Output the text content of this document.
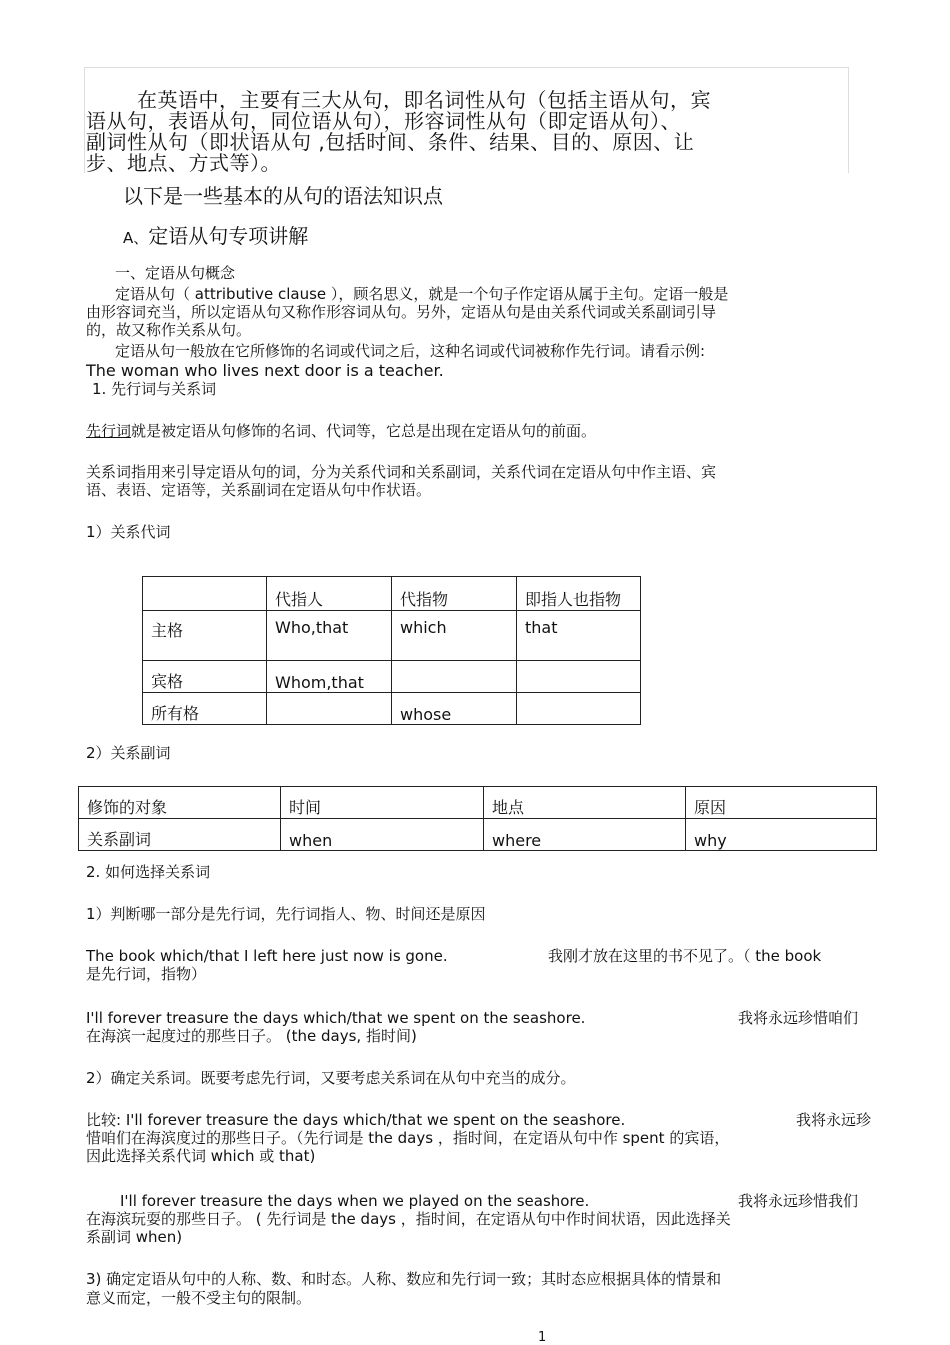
在英语中，主要有三大从句，即名词性从句（包括主语从句，宾
语从句，表语从句，同位语从句），形容词性从句（即定语从句）、
副词性从句（即状语从句 ,包括时间、条件、结果、目的、原因、让
步、地点、方式等）。
以下是一些基本的从句的语法知识点
A、定语从句专项讲解
一、定语从句概念
定语从句（ attributive clause ），顾名思义，就是一个句子作定语从属于主句。定语一般是
由形容词充当，所以定语从句又称作形容词从句。另外，定语从句是由关系代词或关系副词引导
的，故又称作关系从句。
定语从句一般放在它所修饰的名词或代词之后，这种名词或代词被称作先行词。请看示例:
The woman who lives next door is a teacher.
1. 先行词与关系词
先行词就是被定语从句修饰的名词、代词等，它总是出现在定语从句的前面。
关系词指用来引导定语从句的词，分为关系代词和关系副词，关系代词在定语从句中作主语、宾
语、表语、定语等，关系副词在定语从句中作状语。
1）关系代词
	代指人	代指物	即指人也指物
主格	Who,that	which	that
宾格	Whom,that		
所有格		whose	
2）关系副词
修饰的对象	时间	地点	原因
关系副词	when	where	why
2. 如何选择关系词
1）判断哪一部分是先行词，先行词指人、物、时间还是原因
The book which/that I left here just now is gone.	我刚才放在这里的书不见了。（ the book
是先行词，指物）
I'll forever treasure the days which/that we spent on the seashore.	我将永远珍惜咱们
在海滨一起度过的那些日子。 (the days, 指时间)
2）确定关系词。既要考虑先行词，又要考虑关系词在从句中充当的成分。
比较: I'll forever treasure the days which/that we spent on the seashore.	我将永远珍
惜咱们在海滨度过的那些日子。（先行词是 the days ，指时间，在定语从句中作 spent 的宾语，
因此选择关系代词 which 或 that)
I'll forever treasure the days when we played on the seashore.	我将永远珍惜我们
在海滨玩耍的那些日子。 ( 先行词是 the days ，指时间，在定语从句中作时间状语，因此选择关
系副词 when)
3) 确定定语从句中的人称、数、和时态。人称、数应和先行词一致；其时态应根据具体的情景和
意义而定，一般不受主句的限制。
1
